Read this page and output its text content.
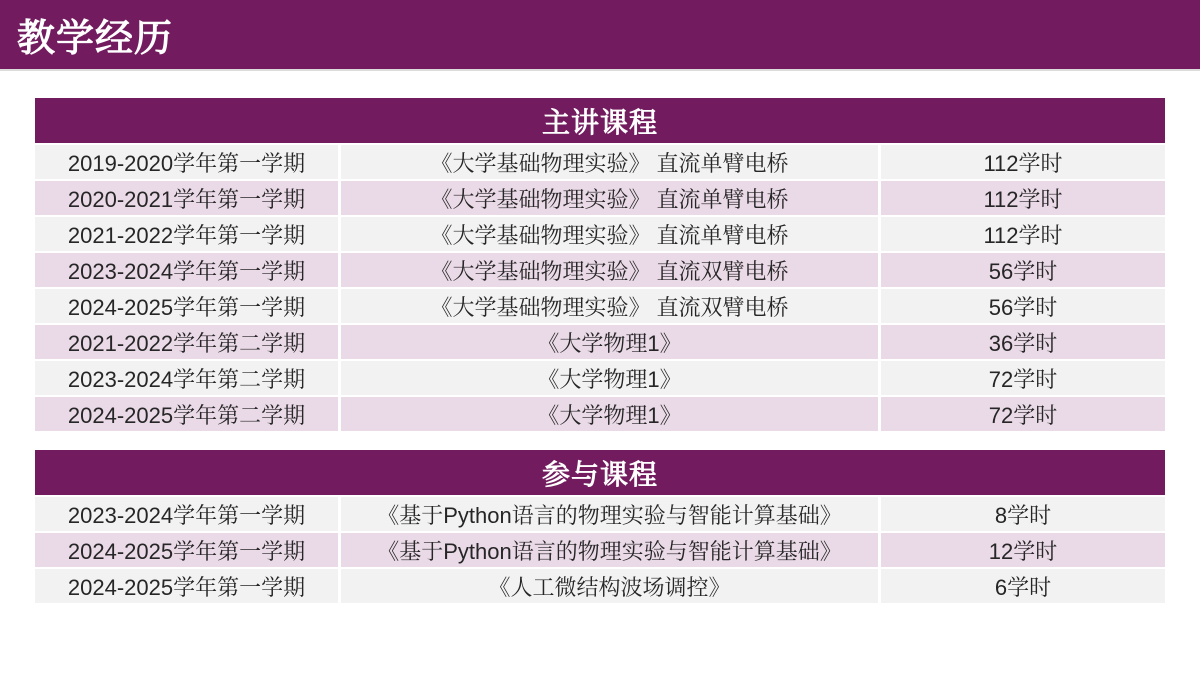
教学经历
主讲课程
2019-2020学年第一学期	《大学基础物理实验》 直流单臂电桥	112学时
2020-2021学年第一学期	《大学基础物理实验》 直流单臂电桥	112学时
2021-2022学年第一学期	《大学基础物理实验》 直流单臂电桥	112学时
2023-2024学年第一学期	《大学基础物理实验》 直流双臂电桥	56学时
2024-2025学年第一学期	《大学基础物理实验》 直流双臂电桥	56学时
2021-2022学年第二学期	《大学物理1》	36学时
2023-2024学年第二学期	《大学物理1》	72学时
2024-2025学年第二学期	《大学物理1》	72学时
参与课程
2023-2024学年第一学期	《基于Python语言的物理实验与智能计算基础》	8学时
2024-2025学年第一学期	《基于Python语言的物理实验与智能计算基础》	12学时
2024-2025学年第一学期	《人工微结构波场调控》	6学时
